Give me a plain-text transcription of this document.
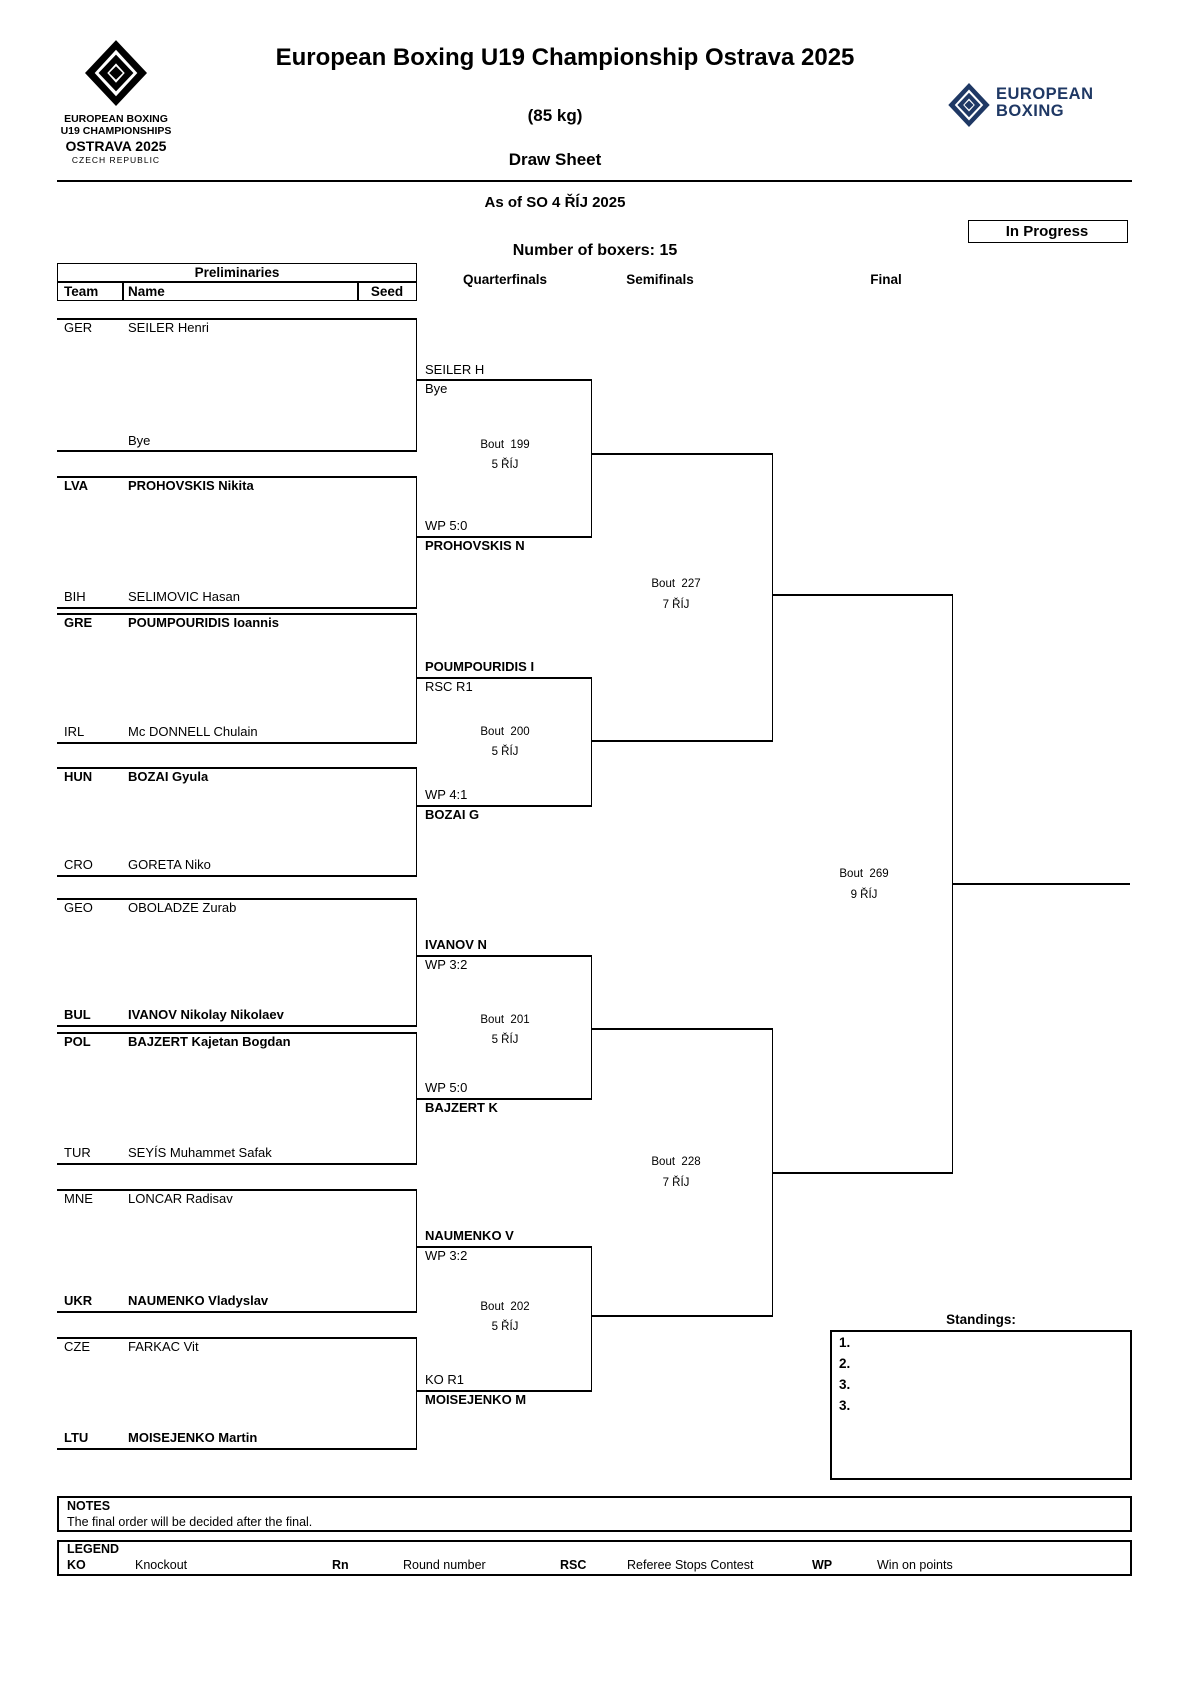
European Boxing U19 Championship Ostrava 2025
(85 kg)
Draw Sheet
EUROPEAN BOXING
U19 CHAMPIONSHIPS
OSTRAVA 2025
CZECH REPUBLIC
EUROPEAN
BOXING
As of SO 4 ŘÍJ 2025
In Progress
Number of boxers: 15
Preliminaries
Team Name	Seed
Quarterfinals	Semifinals	Final
GER	SEILER Henri
Bye
LVA	PROHOVSKIS Nikita
BIH	SELIMOVIC Hasan
GRE	POUMPOURIDIS Ioannis
IRL	Mc DONNELL Chulain
HUN	BOZAI Gyula
CRO	GORETA Niko
GEO	OBOLADZE Zurab
BUL	IVANOV Nikolay Nikolaev
POL	BAJZERT Kajetan Bogdan
TUR	SEYÍS Muhammet Safak
MNE	LONCAR Radisav
UKR	NAUMENKO Vladyslav
CZE	FARKAC Vit
LTU	MOISEJENKO Martin
SEILER H
Bye
WP 5:0
PROHOVSKIS N
POUMPOURIDIS I
RSC R1
WP 4:1
BOZAI G
IVANOV N
WP 3:2
WP 5:0
BAJZERT K
NAUMENKO V
WP 3:2
KO R1
MOISEJENKO M
Bout  199
5 ŘÍJ
Bout  200
5 ŘÍJ
Bout  201
5 ŘÍJ
Bout  202
5 ŘÍJ
Bout  227
7 ŘÍJ
Bout  228
7 ŘÍJ
Bout  269
9 ŘÍJ
Standings:
1.
2.
3.
3.
NOTES
The final order will be decided after the final.
LEGEND
KO	Knockout	Rn	Round number	RSC	Referee Stops Contest	WP	Win on points
